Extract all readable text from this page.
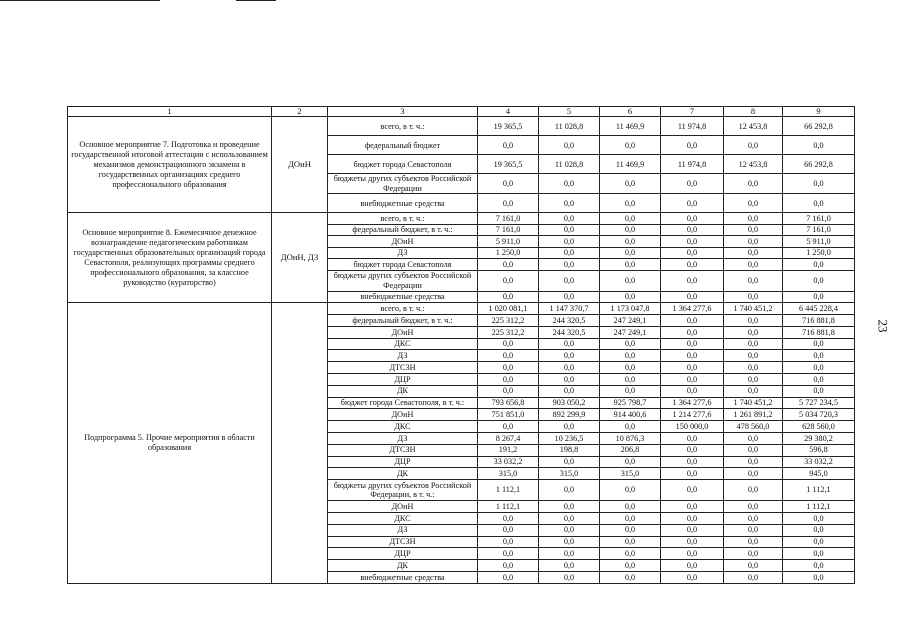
23
1	2	3	4	5	6	7	8	9
Основное мероприятие 7. Подготовка и проведение государственной итоговой аттестации с использованием механизмов демонстрационного экзамена в государственных организациях среднего профессионального образования	ДОиН	всего, в т. ч.:	19 365,5	11 028,8	11 469,9	11 974,8	12 453,8	66 292,8
		федеральный бюджет	0,0	0,0	0,0	0,0	0,0	0,0
		бюджет города Севастополя	19 365,5	11 028,8	11 469,9	11 974,8	12 453,8	66 292,8
		бюджеты других субъектов Российской Федерации	0,0	0,0	0,0	0,0	0,0	0,0
		внебюджетные средства	0,0	0,0	0,0	0,0	0,0	0,0
Основное мероприятие 8. Ежемесячное денежное вознаграждение педагогическим работникам государственных образовательных организаций города Севастополя, реализующих программы среднего профессионального образования, за классное руководство (кураторство)	ДОиН, ДЗ	всего, в т. ч.:	7 161,0	0,0	0,0	0,0	0,0	7 161,0
		федеральный бюджет, в т. ч.:	7 161,0	0,0	0,0	0,0	0,0	7 161,0
		ДОиН	5 911,0	0,0	0,0	0,0	0,0	5 911,0
		ДЗ	1 250,0	0,0	0,0	0,0	0,0	1 250,0
		бюджет города Севастополя	0,0	0,0	0,0	0,0	0,0	0,0
		бюджеты других субъектов Российской Федерации	0,0	0,0	0,0	0,0	0,0	0,0
		внебюджетные средства	0,0	0,0	0,0	0,0	0,0	0,0
Подпрограмма 5. Прочие мероприятия в области образования		всего, в т. ч.:	1 020 081,1	1 147 370,7	1 173 047,8	1 364 277,6	1 740 451,2	6 445 228,4
		федеральный бюджет, в т. ч.:	225 312,2	244 320,5	247 249,1	0,0	0,0	716 881,8
		ДОиН	225 312,2	244 320,5	247 249,1	0,0	0,0	716 881,8
		ДКС	0,0	0,0	0,0	0,0	0,0	0,0
		ДЗ	0,0	0,0	0,0	0,0	0,0	0,0
		ДТСЗН	0,0	0,0	0,0	0,0	0,0	0,0
		ДЦР	0,0	0,0	0,0	0,0	0,0	0,0
		ДК	0,0	0,0	0,0	0,0	0,0	0,0
		бюджет города Севастополя, в т. ч.:	793 656,8	903 050,2	925 798,7	1 364 277,6	1 740 451,2	5 727 234,5
		ДОиН	751 851,0	892 299,9	914 400,6	1 214 277,6	1 261 891,2	5 034 720,3
		ДКС	0,0	0,0	0,0	150 000,0	478 560,0	628 560,0
		ДЗ	8 267,4	10 236,5	10 876,3	0,0	0,0	29 380,2
		ДТСЗН	191,2	198,8	206,8	0,0	0,0	596,8
		ДЦР	33 032,2	0,0	0,0	0,0	0,0	33 032,2
		ДК	315,0	315,0	315,0	0,0	0,0	945,0
		бюджеты других субъектов Российской Федерации, в т. ч.:	1 112,1	0,0	0,0	0,0	0,0	1 112,1
		ДОиН	1 112,1	0,0	0,0	0,0	0,0	1 112,1
		ДКС	0,0	0,0	0,0	0,0	0,0	0,0
		ДЗ	0,0	0,0	0,0	0,0	0,0	0,0
		ДТСЗН	0,0	0,0	0,0	0,0	0,0	0,0
		ДЦР	0,0	0,0	0,0	0,0	0,0	0,0
		ДК	0,0	0,0	0,0	0,0	0,0	0,0
		внебюджетные средства	0,0	0,0	0,0	0,0	0,0	0,0
